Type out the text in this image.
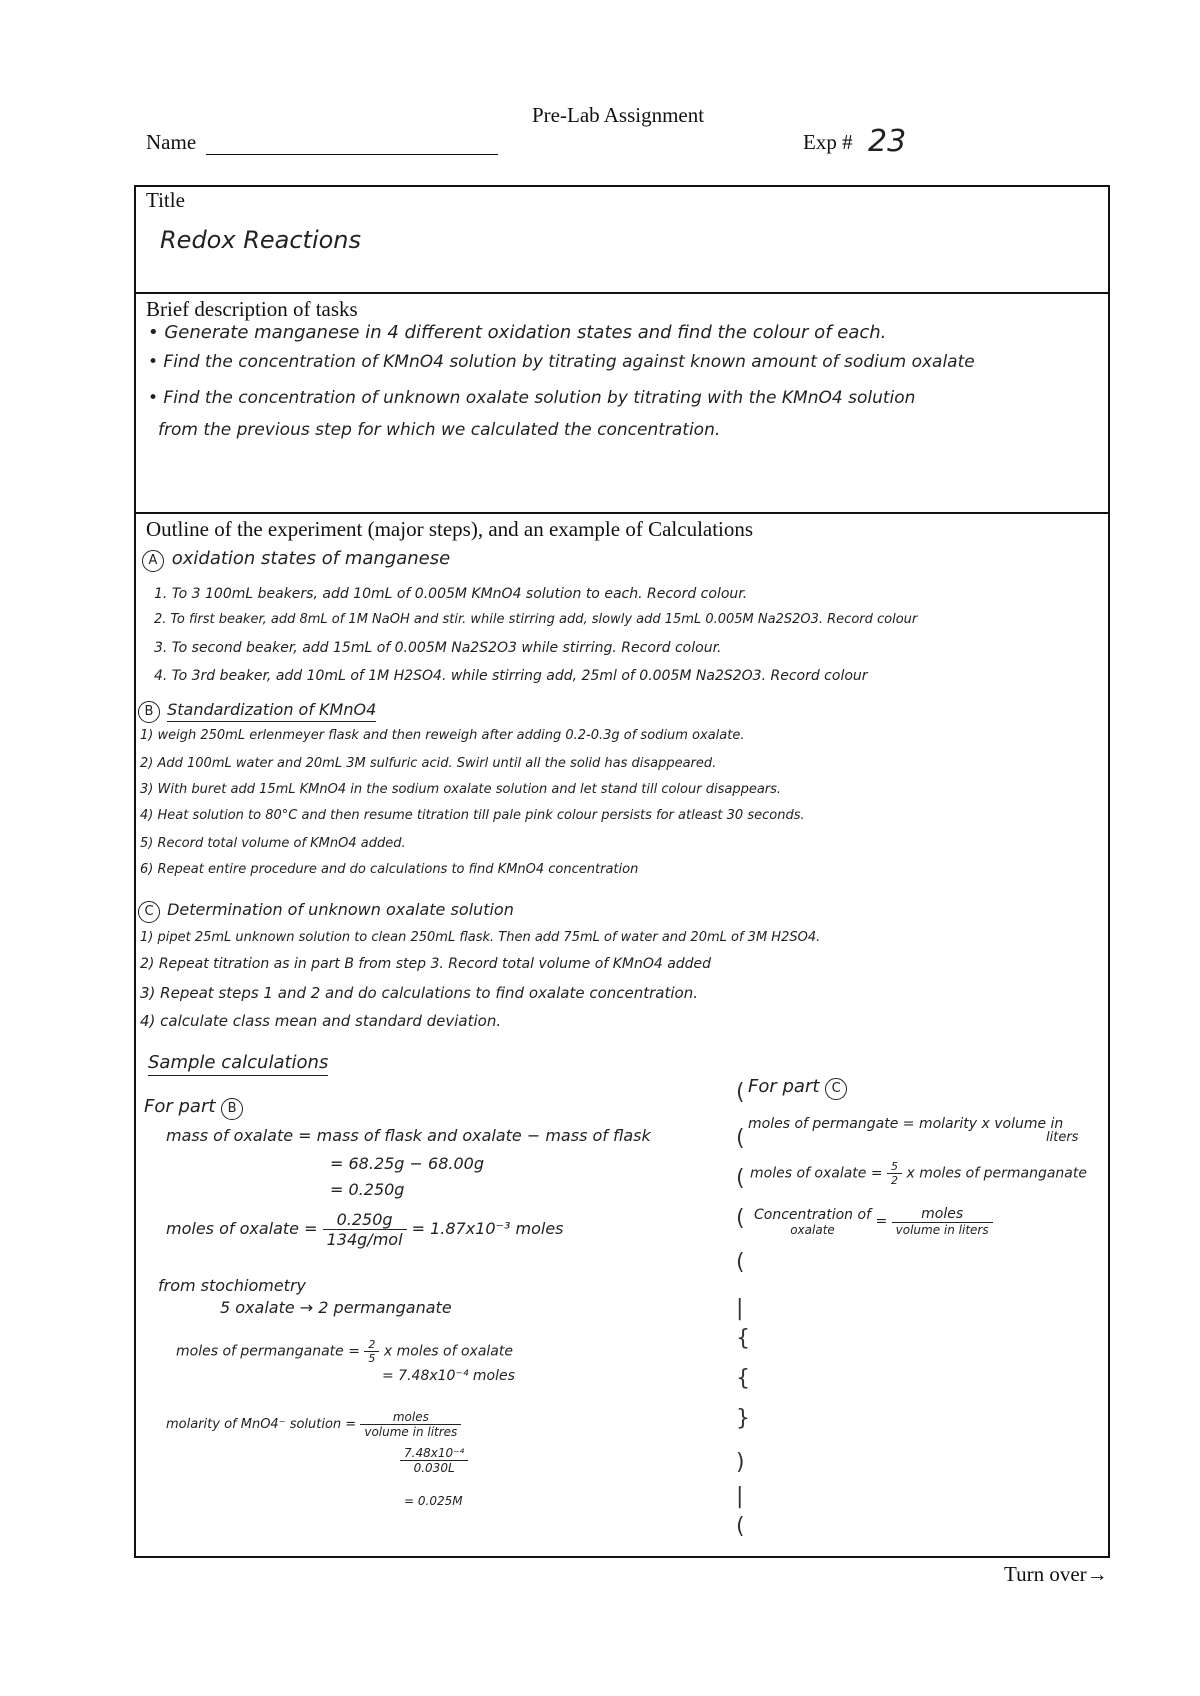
Pre-Lab Assignment
Name	Exp # 23
Title
Redox Reactions
Brief description of tasks
• Generate manganese in 4 different oxidation states and find the colour of each.
• Find the concentration of KMnO4 solution by titrating against known amount of sodium oxalate
• Find the concentration of unknown oxalate solution by titrating with the KMnO4 solution
from the previous step for which we calculated the concentration.
Outline of the experiment (major steps), and an example of Calculations
A oxidation states of manganese
1. To 3 100mL beakers, add 10mL of 0.005M KMnO4 solution to each. Record colour.
2. To first beaker, add 8mL of 1M NaOH and stir. while stirring add, slowly add 15mL 0.005M Na2S2O3. Record colour
3. To second beaker, add 15mL of 0.005M Na2S2O3 while stirring. Record colour.
4. To 3rd beaker, add 10mL of 1M H2SO4. while stirring add, 25ml of 0.005M Na2S2O3. Record colour
B Standardization of KMnO4
1) weigh 250mL erlenmeyer flask and then reweigh after adding 0.2-0.3g of sodium oxalate.
2) Add 100mL water and 20mL 3M sulfuric acid. Swirl until all the solid has disappeared.
3) With buret add 15mL KMnO4 in the sodium oxalate solution and let stand till colour disappears.
4) Heat solution to 80°C and then resume titration till pale pink colour persists for atleast 30 seconds.
5) Record total volume of KMnO4 added.
6) Repeat entire procedure and do calculations to find KMnO4 concentration
C Determination of unknown oxalate solution
1) pipet 25mL unknown solution to clean 250mL flask. Then add 75mL of water and 20mL of 3M H2SO4.
2) Repeat titration as in part B from step 3. Record total volume of KMnO4 added
3) Repeat steps 1 and 2 and do calculations to find oxalate concentration.
4) calculate class mean and standard deviation.
Sample calculations
For part B
mass of oxalate = mass of flask and oxalate − mass of flask
= 68.25g − 68.00g
= 0.250g
moles of oxalate = $\frac{0.250g}{\text{134g/mol}} = 1.87x10^{-3}$ moles
from stochiometry
5 oxalate → 2 permanganate
moles of permanganate = $\frac{2}{5}$ x moles of oxalate
= 7.48x10⁻⁴ moles
molarity of MnO4⁻ solution = $\frac{\text{moles}}{\text{volume in litres}}$
$\frac{\text{7.48x10⁻⁴}}{0.030L}$
= 0.025M
(
(
(
(
(
|
{
{
}
)
|
(
For part C
moles of permangate = molarity x volume in
liters
moles of oxalate = $\frac{5}{2}$ x moles of permanganate
Concentration of
oxalate	= $\frac{\text{moles}}{\text{volume in liters}}$
Turn over→
